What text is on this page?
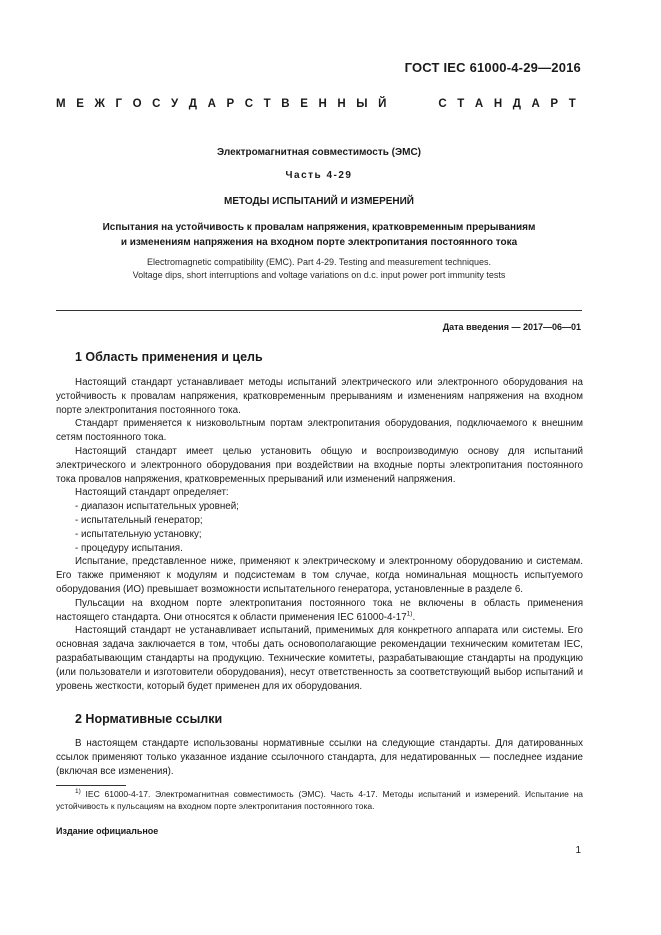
ГОСТ IEC 61000-4-29—2016
М Е Ж Г О С У Д А Р С Т В Е Н Н Ы Й

	С Т А Н Д А Р Т
Электромагнитная совместимость (ЭМС)
Часть 4-29
МЕТОДЫ ИСПЫТАНИЙ И ИЗМЕРЕНИЙ
Испытания на устойчивость к провалам напряжения, кратковременным прерываниям
и изменениям напряжения на входном порте электропитания постоянного тока
Electromagnetic compatibility (EMC). Part 4-29. Testing and measurement techniques.
Voltage dips, short interruptions and voltage variations on d.c. input power port immunity tests
Дата введения — 2017—06—01
1 Область применения и цель

Настоящий стандарт устанавливает методы испытаний электрического или электронного оборудования на устойчивость к провалам напряжения, кратковременным прерываниям и изменениям напряжения на входном порте электропитания постоянного тока.

Стандарт применяется к низковольтным портам электропитания оборудования, подключаемого к внешним сетям постоянного тока.

Настоящий стандарт имеет целью установить общую и воспроизводимую основу для испытаний электрического и электронного оборудования при воздействии на входные порты электропитания постоянного тока провалов напряжения, кратковременных прерываний или изменений напряжения.

Настоящий стандарт определяет:

- диапазон испытательных уровней;

- испытательный генератор;

- испытательную установку;

- процедуру испытания.

Испытание, представленное ниже, применяют к электрическому и электронному оборудованию и системам. Его также применяют к модулям и подсистемам в том случае, когда номинальная мощность испытуемого оборудования (ИО) превышает возможности испытательного генератора, установленные в разделе 6.

Пульсации на входном порте электропитания постоянного тока не включены в область применения настоящего стандарта. Они относятся к области применения IEC 61000-4-17$^{1)}$.

Настоящий стандарт не устанавливает испытаний, применимых для конкретного аппарата или системы. Его основная задача заключается в том, чтобы дать основополагающие рекомендации техническим комитетам IEC, разрабатывающим стандарты на продукцию. Технические комитеты, разрабатывающие стандарты на продукцию (или пользователи и изготовители оборудования), несут ответственность за соответствующий выбор испытаний и уровень жесткости, который будет применен для их оборудования.

2 Нормативные ссылки

В настоящем стандарте использованы нормативные ссылки на следующие стандарты. Для датированных ссылок применяют только указанное издание ссылочного стандарта, для недатированных — последнее издание (включая все изменения).

$^{1)}$ IEC 61000-4-17. Электромагнитная совместимость (ЭМС). Часть 4-17. Методы испытаний и измерений. Испытание на устойчивость к пульсациям на входном порте электропитания постоянного тока.

Издание официальное
1
